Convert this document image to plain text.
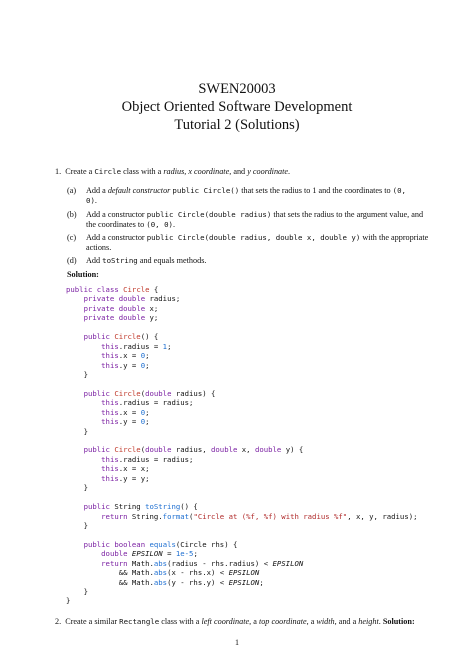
SWEN20003
Object Oriented Software Development
Tutorial 2 (Solutions)
1. Create a Circle class with a radius, x coordinate, and y coordinate.
(a) Add a default constructor public Circle() that sets the radius to 1 and the coordinates to (0,
0).
(b) Add a constructor public Circle(double radius) that sets the radius to the argument value, and
the coordinates to (0, 0).
(c) Add a constructor public Circle(double radius, double x, double y) with the appropriate
actions.
(d) Add toString and equals methods.
Solution:
public class Circle {
private double radius;
private double x;
private double y;

public Circle() {
this.radius = 1;
this.x = 0;
this.y = 0;
}

public Circle(double radius) {
this.radius = radius;
this.x = 0;
this.y = 0;
}

public Circle(double radius, double x, double y) {
this.radius = radius;
this.x = x;
this.y = y;
}

public String toString() {
return String.format("Circle at (%f, %f) with radius %f", x, y, radius);
}

public boolean equals(Circle rhs) {
double EPSILON = 1e-5;
return Math.abs(radius - rhs.radius) < EPSILON
&& Math.abs(x - rhs.x) < EPSILON
&& Math.abs(y - rhs.y) < EPSILON;
}
}
2. Create a similar Rectangle class with a left coordinate, a top coordinate, a width, and a height. Solution:
1
